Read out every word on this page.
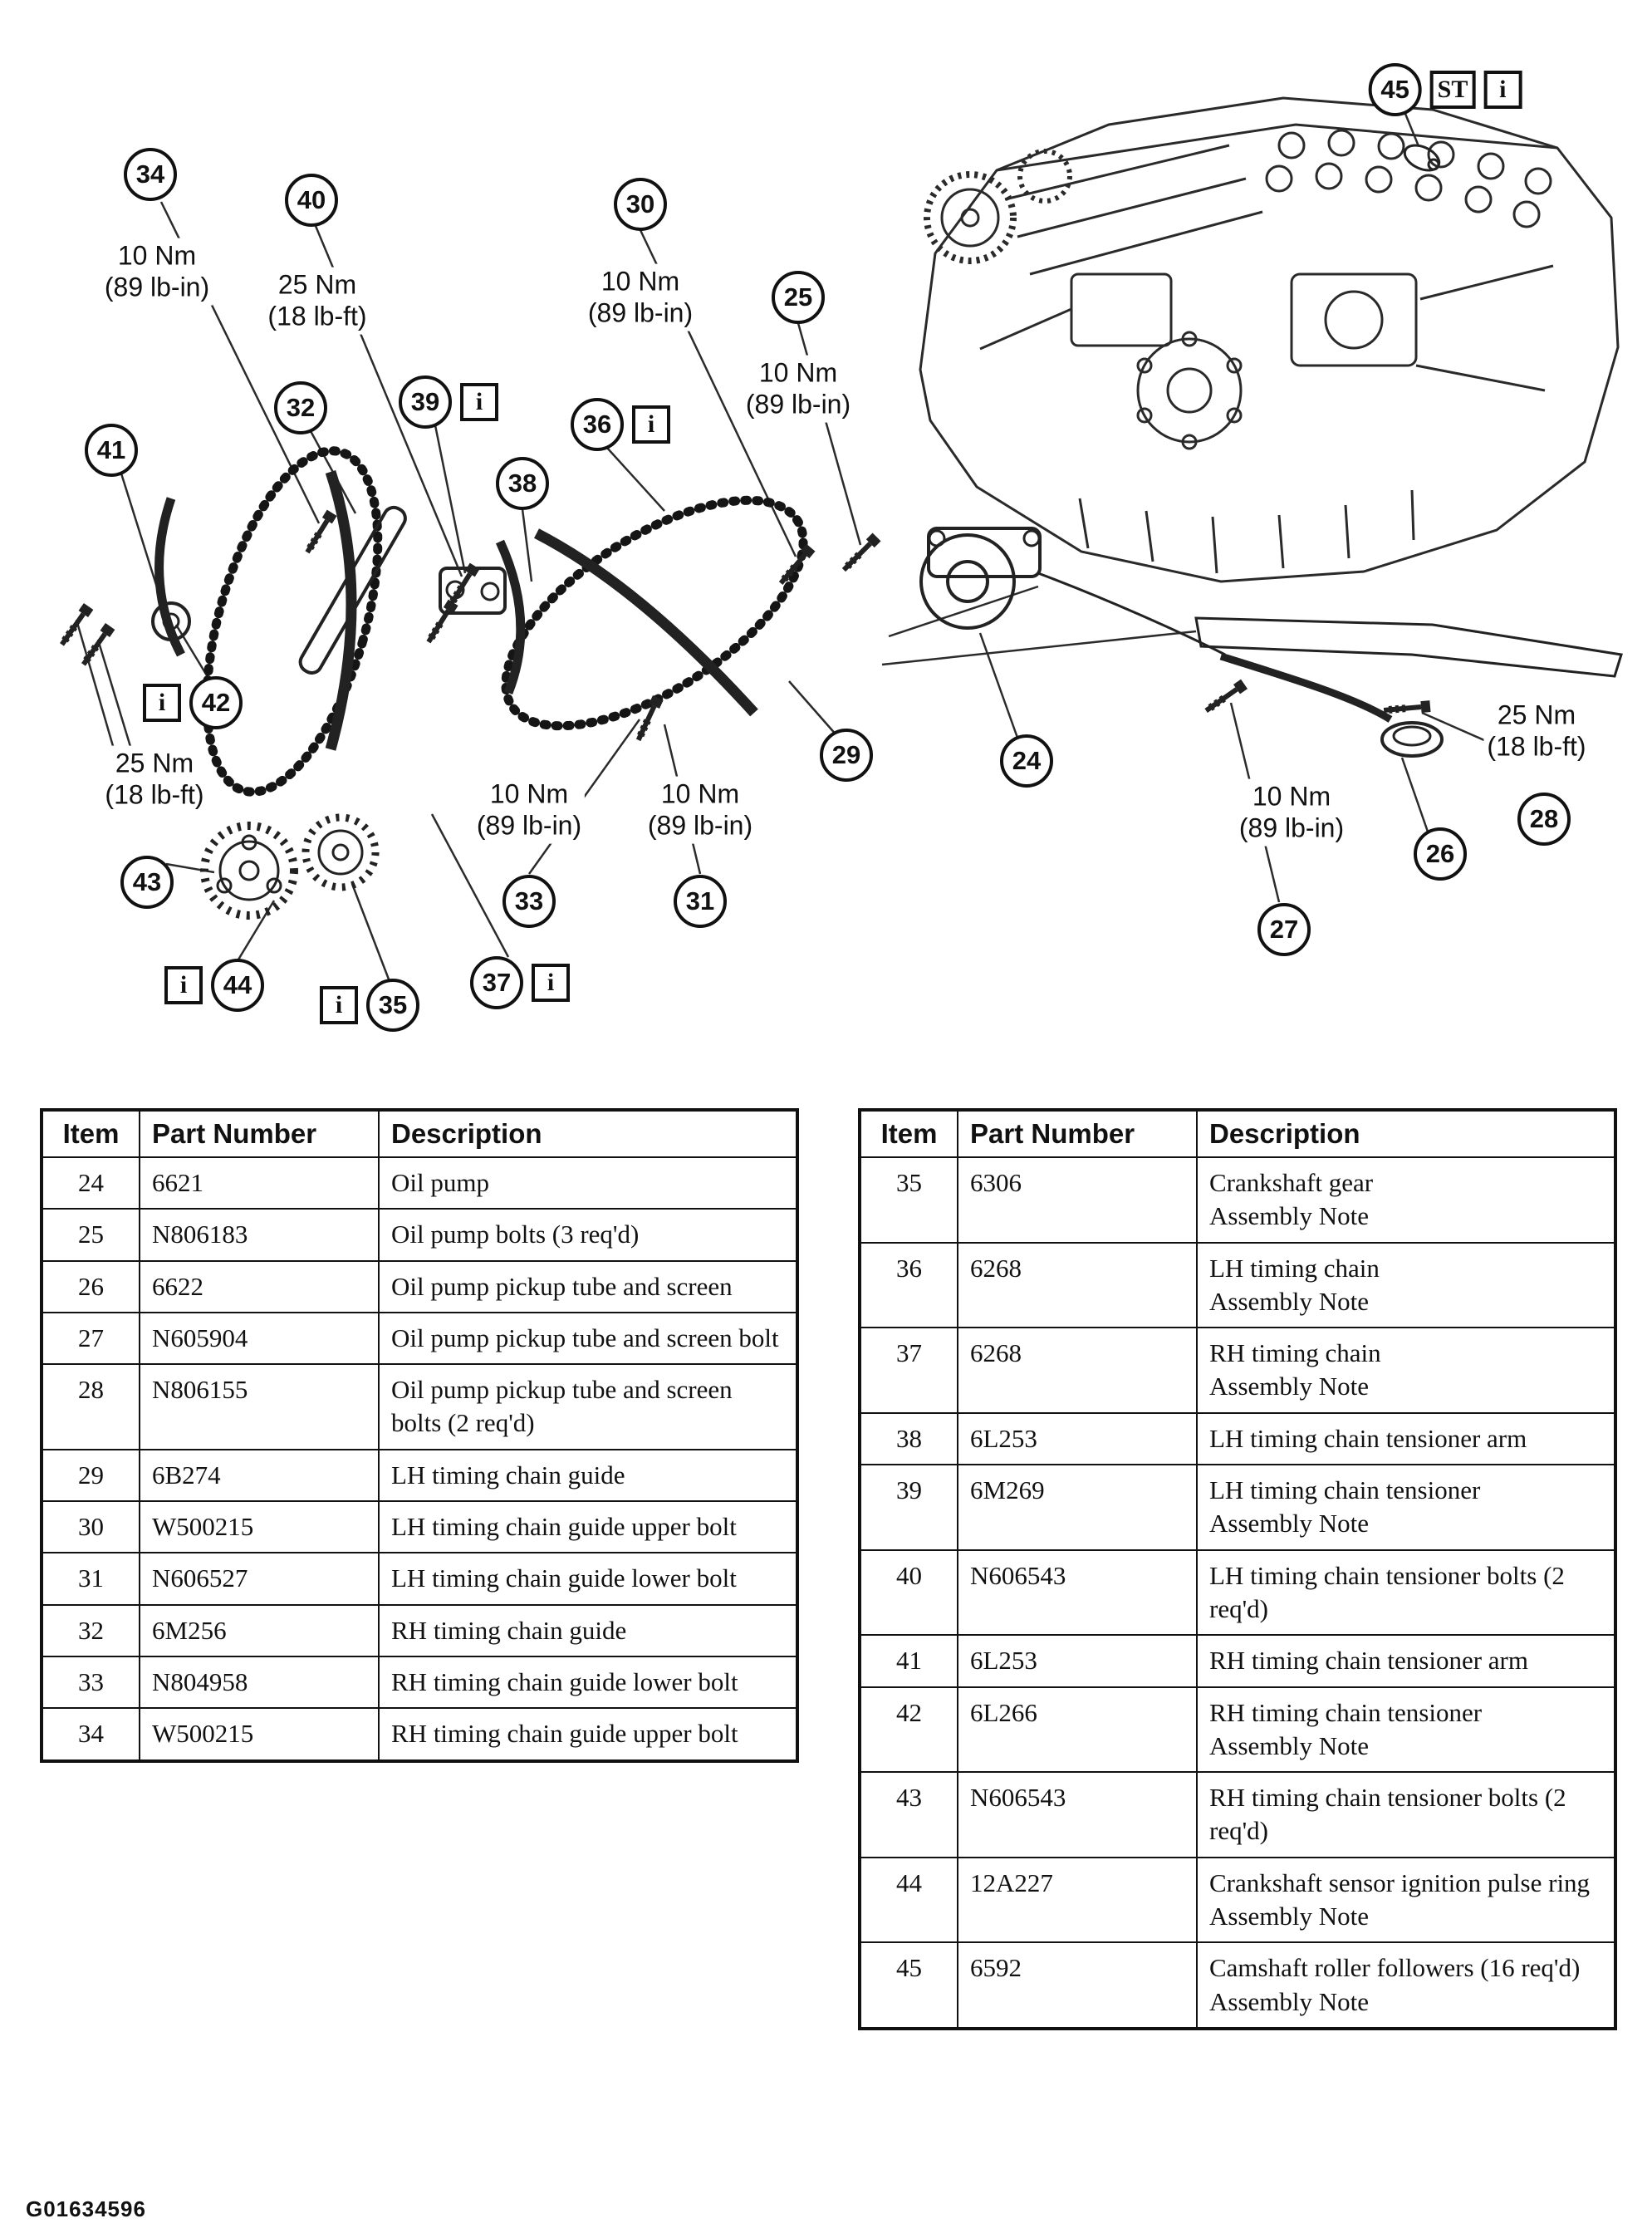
34
40	30
25
45	ST	i
32	39	i
36	i
38
41
i	42
43
i	44
i	35
37	i
33	31
29	24
26
27
28
10 Nm
(89 lb-in)	25 Nm
(18 lb-ft)
10 Nm
(89 lb-in)
10 Nm
(89 lb-in)
25 Nm
(18 lb-ft)	10 Nm
(89 lb-in)
10 Nm
(89 lb-in)
10 Nm
(89 lb-in)
25 Nm
(18 lb-ft)
Item	Part Number	Description
24	6621	Oil pump

25	N806183	Oil pump bolts (3 req'd)

26	6622	Oil pump pickup tube and screen

27	N605904	Oil pump pickup tube and screen bolt

28	N806155	Oil pump pickup tube and screen bolts (2 req'd)

29	6B274	LH timing chain guide

30	W500215	LH timing chain guide upper bolt

31	N606527	LH timing chain guide lower bolt

32	6M256	RH timing chain guide

33	N804958	RH timing chain guide lower bolt

34	W500215	RH timing chain guide upper bolt
Item	Part Number	Description
35	6306	Crankshaft gear
Assembly Note

36	6268	LH timing chain
Assembly Note

37	6268	RH timing chain
Assembly Note

38	6L253	LH timing chain tensioner arm

39	6M269	LH timing chain tensioner
Assembly Note

40	N606543	LH timing chain tensioner bolts (2 req'd)

41	6L253	RH timing chain tensioner arm

42	6L266	RH timing chain tensioner
Assembly Note

43	N606543	RH timing chain tensioner bolts (2 req'd)

44	12A227	Crankshaft sensor ignition pulse ring
Assembly Note

45	6592	Camshaft roller followers (16 req'd)
Assembly Note
G01634596
